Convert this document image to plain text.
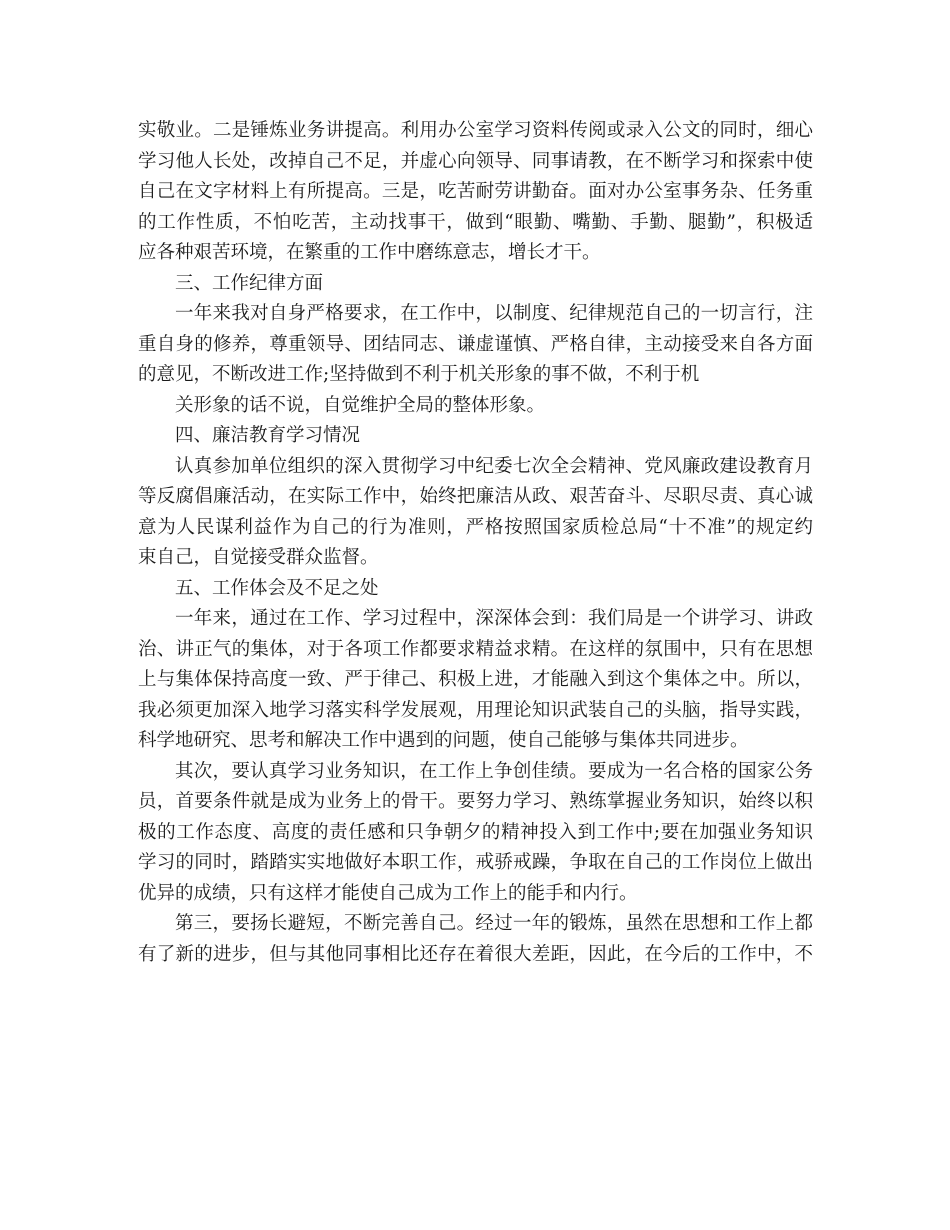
实敬业。二是锤炼业务讲提高。利用办公室学习资料传阅或录入公文的同时，细心
学习他人长处，改掉自己不足，并虚心向领导、同事请教，在不断学习和探索中使
自己在文字材料上有所提高。三是，吃苦耐劳讲勤奋。面对办公室事务杂、任务重
的工作性质，不怕吃苦，主动找事干，做到“眼勤、嘴勤、手勤、腿勤”，积极适
应各种艰苦环境，在繁重的工作中磨练意志，增长才干。
三、工作纪律方面
一年来我对自身严格要求，在工作中，以制度、纪律规范自己的一切言行，注
重自身的修养，尊重领导、团结同志、谦虚谨慎、严格自律，主动接受来自各方面
的意见，不断改进工作;坚持做到不利于机关形象的事不做，不利于机
关形象的话不说，自觉维护全局的整体形象。
四、廉洁教育学习情况
认真参加单位组织的深入贯彻学习中纪委七次全会精神、党风廉政建设教育月
等反腐倡廉活动，在实际工作中，始终把廉洁从政、艰苦奋斗、尽职尽责、真心诚
意为人民谋利益作为自己的行为准则，严格按照国家质检总局“十不准”的规定约
束自己，自觉接受群众监督。
五、工作体会及不足之处
一年来，通过在工作、学习过程中，深深体会到：我们局是一个讲学习、讲政
治、讲正气的集体，对于各项工作都要求精益求精。在这样的氛围中，只有在思想
上与集体保持高度一致、严于律己、积极上进，才能融入到这个集体之中。所以，
我必须更加深入地学习落实科学发展观，用理论知识武装自己的头脑，指导实践，
科学地研究、思考和解决工作中遇到的问题，使自己能够与集体共同进步。
其次，要认真学习业务知识，在工作上争创佳绩。要成为一名合格的国家公务
员，首要条件就是成为业务上的骨干。要努力学习、熟练掌握业务知识，始终以积
极的工作态度、高度的责任感和只争朝夕的精神投入到工作中;要在加强业务知识
学习的同时，踏踏实实地做好本职工作，戒骄戒躁，争取在自己的工作岗位上做出
优异的成绩，只有这样才能使自己成为工作上的能手和内行。
第三，要扬长避短，不断完善自己。经过一年的锻炼，虽然在思想和工作上都
有了新的进步，但与其他同事相比还存在着很大差距，因此，在今后的工作中，不
